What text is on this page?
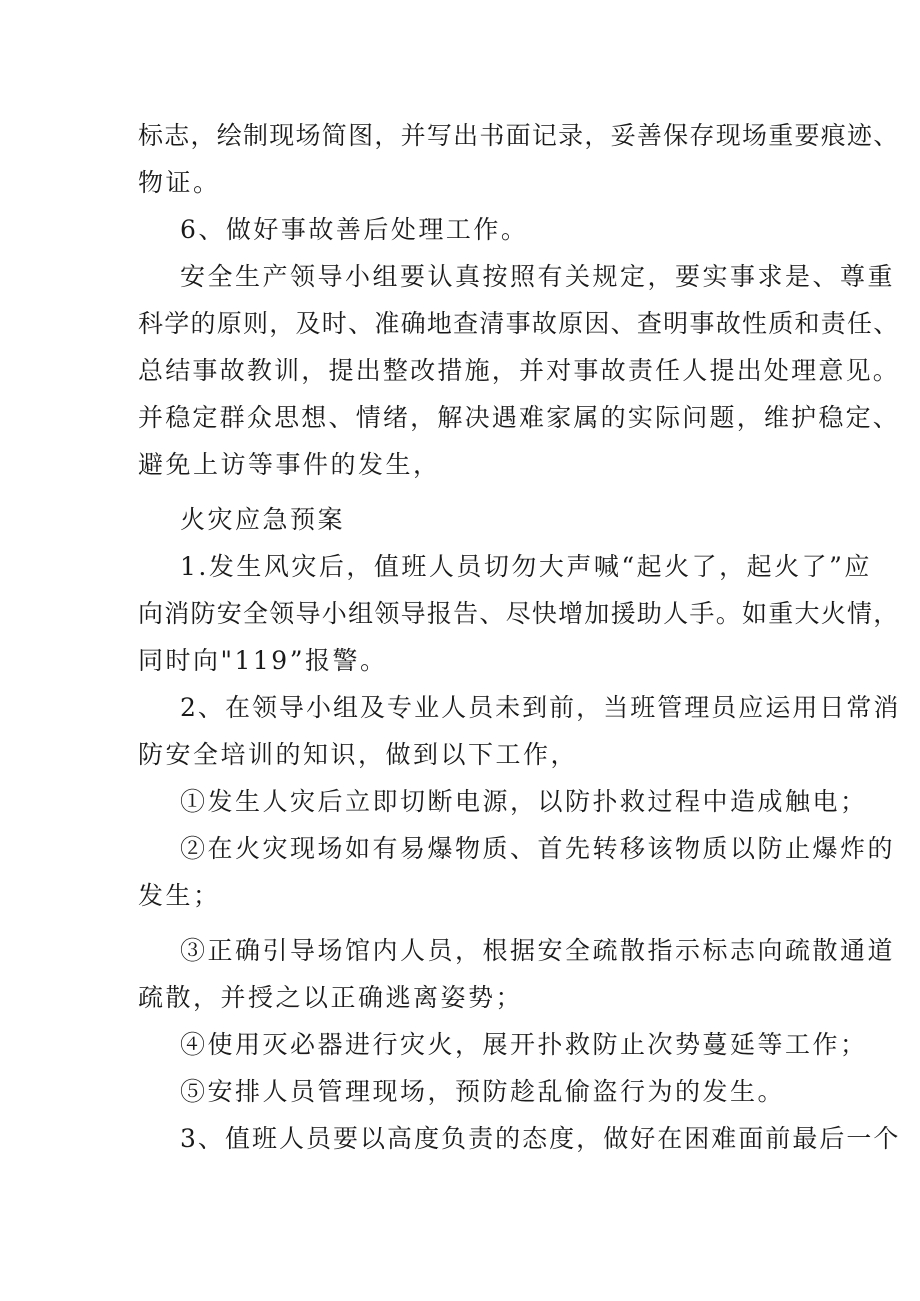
标志，绘制现场简图，并写出书面记录，妥善保存现场重要痕迹、

物证。

6、做好事故善后处理工作。

安全生产领导小组要认真按照有关规定，要实事求是、尊重

科学的原则，及时、准确地查清事故原因、查明事故性质和责任、

总结事故教训，提出整改措施，并对事故责任人提出处理意见。

并稳定群众思想、情绪，解决遇难家属的实际问题，维护稳定、

避免上访等事件的发生，

火灾应急预案

1.发生风灾后，值班人员切勿大声喊“起火了，起火了”应

向消防安全领导小组领导报告、尽快增加援助人手。如重大火情，

同时向"119”报警。

2、在领导小组及专业人员未到前，当班管理员应运用日常消

防安全培训的知识，做到以下工作，

①发生人灾后立即切断电源，以防扑救过程中造成触电；

②在火灾现场如有易爆物质、首先转移该物质以防止爆炸的

发生；

③正确引导场馆内人员，根据安全疏散指示标志向疏散通道

疏散，并授之以正确逃离姿势；

④使用灭必器进行灾火，展开扑救防止次势蔓延等工作；

⑤安排人员管理现场，预防趁乱偷盗行为的发生。

3、值班人员要以高度负责的态度，做好在困难面前最后一个
